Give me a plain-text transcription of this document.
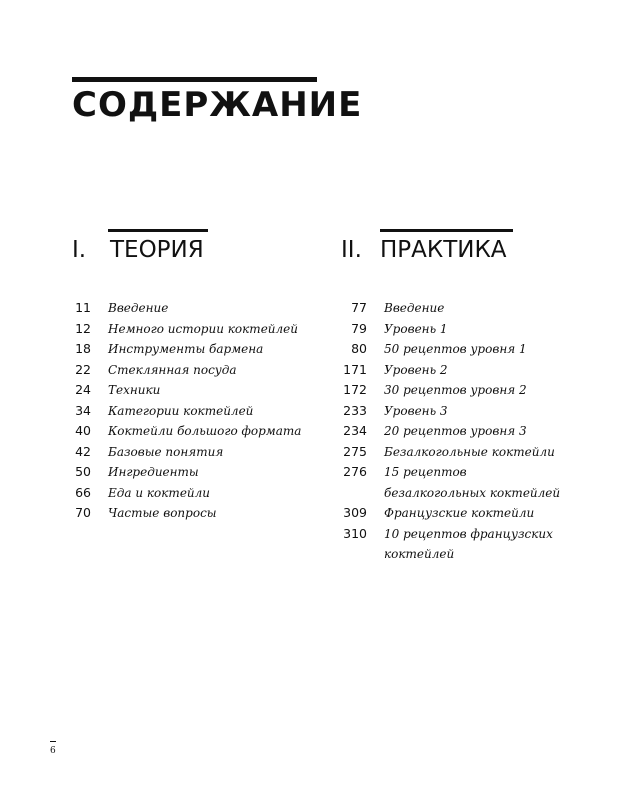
СОДЕРЖАНИЕ
I. ТЕОРИЯ
11 Введение
12 Немного истории коктейлей
18 Инструменты бармена
22 Стеклянная посуда
24 Техники
34 Категории коктейлей
40 Коктейли большого формата
42 Базовые понятия
50 Ингредиенты
66 Еда и коктейли
70 Частые вопросы
II. ПРАКТИКА
77 Введение
79 Уровень 1
80 50 рецептов уровня 1
171 Уровень 2
172 30 рецептов уровня 2
233 Уровень 3
234 20 рецептов уровня 3
275 Безалкогольные коктейли
276 15 рецептов безалкогольных коктейлей
309 Французские коктейли
310 10 рецептов французских коктейлей
6
